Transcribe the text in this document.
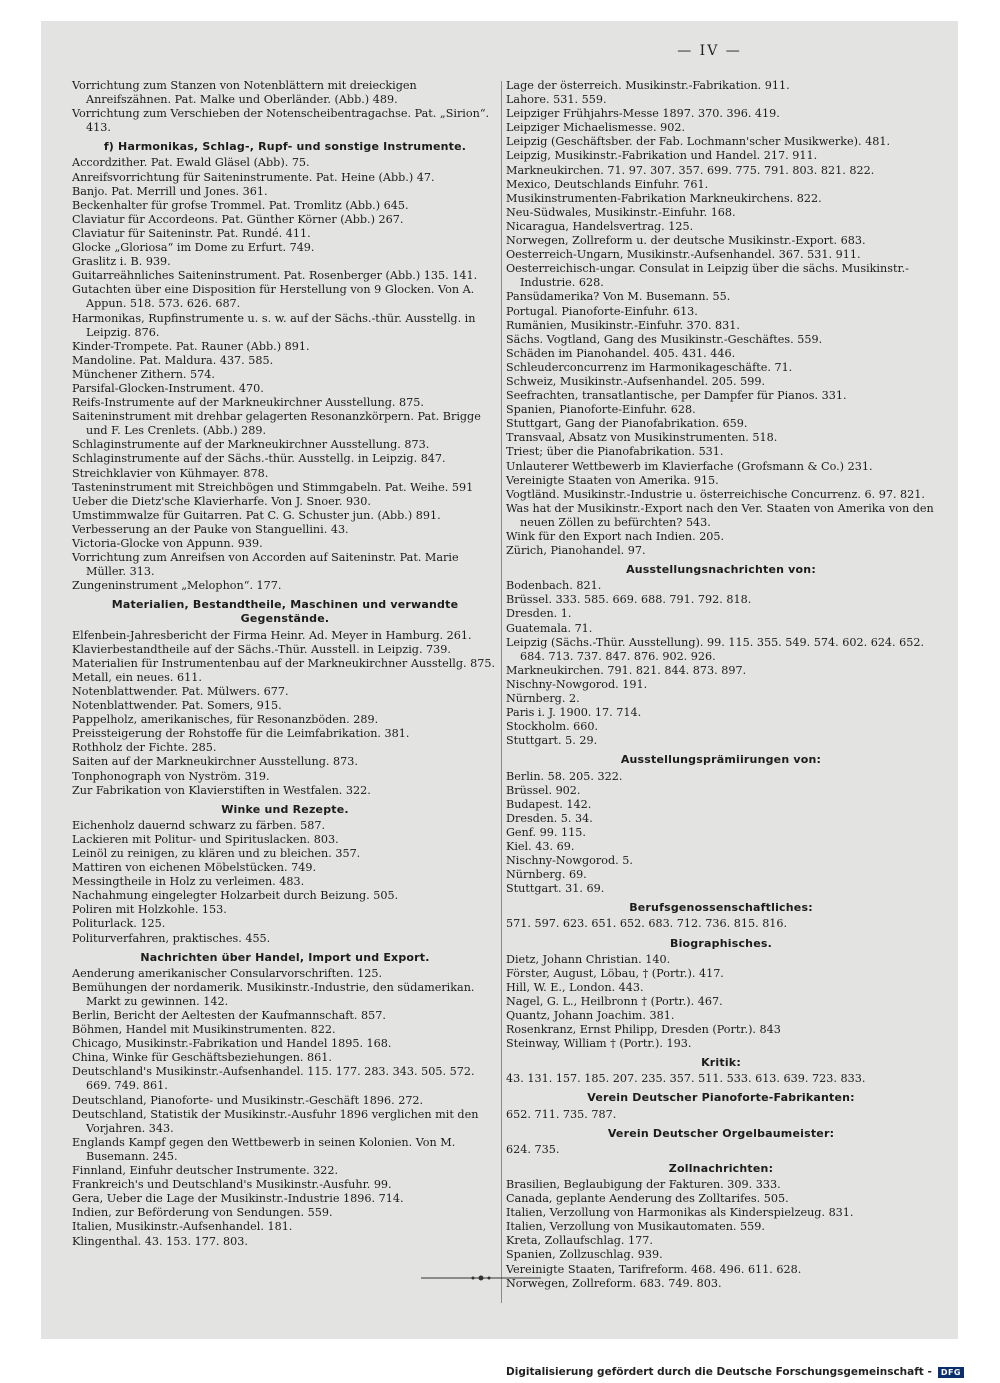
— IV —
Vorrichtung zum Stanzen von Notenblättern mit dreieckigen Anreifszähnen. Pat. Malke und Oberländer. (Abb.) 489.
Vorrichtung zum Verschieben der Notenscheibentragachse. Pat. „Sirion“. 413.
f) Harmonikas, Schlag-, Rupf- und sonstige Instrumente.
Accordzither. Pat. Ewald Gläsel (Abb). 75.
Anreifsvorrichtung für Saiteninstrumente. Pat. Heine (Abb.) 47.
Banjo. Pat. Merrill und Jones. 361.
Beckenhalter für grofse Trommel. Pat. Tromlitz (Abb.) 645.
Claviatur für Accordeons. Pat. Günther Körner (Abb.) 267.
Claviatur für Saiteninstr. Pat. Rundé. 411.
Glocke „Gloriosa“ im Dome zu Erfurt. 749.
Graslitz i. B. 939.
Guitarreähnliches Saiteninstrument. Pat. Rosenberger (Abb.) 135. 141.
Gutachten über eine Disposition für Herstellung von 9 Glocken. Von A. Appun. 518. 573. 626. 687.
Harmonikas, Rupfinstrumente u. s. w. auf der Sächs.-thür. Ausstellg. in Leipzig. 876.
Kinder-Trompete. Pat. Rauner (Abb.) 891.
Mandoline. Pat. Maldura. 437. 585.
Münchener Zithern. 574.
Parsifal-Glocken-Instrument. 470.
Reifs-Instrumente auf der Markneukirchner Ausstellung. 875.
Saiteninstrument mit drehbar gelagerten Resonanzkörpern. Pat. Brigge und F. Les Crenlets. (Abb.) 289.
Schlaginstrumente auf der Markneukirchner Ausstellung. 873.
Schlaginstrumente auf der Sächs.-thür. Ausstellg. in Leipzig. 847.
Streichklavier von Kühmayer. 878.
Tasteninstrument mit Streichbögen und Stimmgabeln. Pat. Weihe. 591
Ueber die Dietz'sche Klavierharfe. Von J. Snoer. 930.
Umstimmwalze für Guitarren. Pat C. G. Schuster jun. (Abb.) 891.
Verbesserung an der Pauke von Stanguellini. 43.
Victoria-Glocke von Appunn. 939.
Vorrichtung zum Anreifsen von Accorden auf Saiteninstr. Pat. Marie Müller. 313.
Zungeninstrument „Melophon“. 177.
Materialien, Bestandtheile, Maschinen und verwandte Gegenstände.
Elfenbein-Jahresbericht der Firma Heinr. Ad. Meyer in Hamburg. 261.
Klavierbestandtheile auf der Sächs.-Thür. Ausstell. in Leipzig. 739.
Materialien für Instrumentenbau auf der Markneukirchner Ausstellg. 875.
Metall, ein neues. 611.
Notenblattwender. Pat. Mülwers. 677.
Notenblattwender. Pat. Somers, 915.
Pappelholz, amerikanisches, für Resonanzböden. 289.
Preissteigerung der Rohstoffe für die Leimfabrikation. 381.
Rothholz der Fichte. 285.
Saiten auf der Markneukirchner Ausstellung. 873.
Tonphonograph von Nyström. 319.
Zur Fabrikation von Klavierstiften in Westfalen. 322.
Winke und Rezepte.
Eichenholz dauernd schwarz zu färben. 587.
Lackieren mit Politur- und Spirituslacken. 803.
Leinöl zu reinigen, zu klären und zu bleichen. 357.
Mattiren von eichenen Möbelstücken. 749.
Messingtheile in Holz zu verleimen. 483.
Nachahmung eingelegter Holzarbeit durch Beizung. 505.
Poliren mit Holzkohle. 153.
Politurlack. 125.
Politurverfahren, praktisches. 455.
Nachrichten über Handel, Import und Export.
Aenderung amerikanischer Consularvorschriften. 125.
Bemühungen der nordamerik. Musikinstr.-Industrie, den südamerikan. Markt zu gewinnen. 142.
Berlin, Bericht der Aeltesten der Kaufmannschaft. 857.
Böhmen, Handel mit Musikinstrumenten. 822.
Chicago, Musikinstr.-Fabrikation und Handel 1895. 168.
China, Winke für Geschäftsbeziehungen. 861.
Deutschland's Musikinstr.-Aufsenhandel. 115. 177. 283. 343. 505. 572. 669. 749. 861.
Deutschland, Pianoforte- und Musikinstr.-Geschäft 1896. 272.
Deutschland, Statistik der Musikinstr.-Ausfuhr 1896 verglichen mit den Vorjahren. 343.
Englands Kampf gegen den Wettbewerb in seinen Kolonien. Von M. Busemann. 245.
Finnland, Einfuhr deutscher Instrumente. 322.
Frankreich's und Deutschland's Musikinstr.-Ausfuhr. 99.
Gera, Ueber die Lage der Musikinstr.-Industrie 1896. 714.
Indien, zur Beförderung von Sendungen. 559.
Italien, Musikinstr.-Aufsenhandel. 181.
Klingenthal. 43. 153. 177. 803.
Lage der österreich. Musikinstr.-Fabrikation. 911.
Lahore. 531. 559.
Leipziger Frühjahrs-Messe 1897. 370. 396. 419.
Leipziger Michaelismesse. 902.
Leipzig (Geschäftsber. der Fab. Lochmann'scher Musikwerke). 481.
Leipzig, Musikinstr.-Fabrikation und Handel. 217. 911.
Markneukirchen. 71. 97. 307. 357. 699. 775. 791. 803. 821. 822.
Mexico, Deutschlands Einfuhr. 761.
Musikinstrumenten-Fabrikation Markneukirchens. 822.
Neu-Südwales, Musikinstr.-Einfuhr. 168.
Nicaragua, Handelsvertrag. 125.
Norwegen, Zollreform u. der deutsche Musikinstr.-Export. 683.
Oesterreich-Ungarn, Musikinstr.-Aufsenhandel. 367. 531. 911.
Oesterreichisch-ungar. Consulat in Leipzig über die sächs. Musikinstr.-Industrie. 628.
Pansüdamerika? Von M. Busemann. 55.
Portugal. Pianoforte-Einfuhr. 613.
Rumänien, Musikinstr.-Einfuhr. 370. 831.
Sächs. Vogtland, Gang des Musikinstr.-Geschäftes. 559.
Schäden im Pianohandel. 405. 431. 446.
Schleuderconcurrenz im Harmonikageschäfte. 71.
Schweiz, Musikinstr.-Aufsenhandel. 205. 599.
Seefrachten, transatlantische, per Dampfer für Pianos. 331.
Spanien, Pianoforte-Einfuhr. 628.
Stuttgart, Gang der Pianofabrikation. 659.
Transvaal, Absatz von Musikinstrumenten. 518.
Triest; über die Pianofabrikation. 531.
Unlauterer Wettbewerb im Klavierfache (Grofsmann & Co.) 231.
Vereinigte Staaten von Amerika. 915.
Vogtländ. Musikinstr.-Industrie u. österreichische Concurrenz. 6. 97. 821.
Was hat der Musikinstr.-Export nach den Ver. Staaten von Amerika von den neuen Zöllen zu befürchten? 543.
Wink für den Export nach Indien. 205.
Zürich, Pianohandel. 97.
Ausstellungsnachrichten von:
Bodenbach. 821.
Brüssel. 333. 585. 669. 688. 791. 792. 818.
Dresden. 1.
Guatemala. 71.
Leipzig (Sächs.-Thür. Ausstellung). 99. 115. 355. 549. 574. 602. 624. 652. 684. 713. 737. 847. 876. 902. 926.
Markneukirchen. 791. 821. 844. 873. 897.
Nischny-Nowgorod. 191.
Nürnberg. 2.
Paris i. J. 1900. 17. 714.
Stockholm. 660.
Stuttgart. 5. 29.
Ausstellungsprämiirungen von:
Berlin. 58. 205. 322.
Brüssel. 902.
Budapest. 142.
Dresden. 5. 34.
Genf. 99. 115.
Kiel. 43. 69.
Nischny-Nowgorod. 5.
Nürnberg. 69.
Stuttgart. 31. 69.
Berufsgenossenschaftliches:
571. 597. 623. 651. 652. 683. 712. 736. 815. 816.
Biographisches.
Dietz, Johann Christian. 140.
Förster, August, Löbau, † (Portr.). 417.
Hill, W. E., London. 443.
Nagel, G. L., Heilbronn † (Portr.). 467.
Quantz, Johann Joachim. 381.
Rosenkranz, Ernst Philipp, Dresden (Portr.). 843
Steinway, William † (Portr.). 193.
Kritik:
43. 131. 157. 185. 207. 235. 357. 511. 533. 613. 639. 723. 833.
Verein Deutscher Pianoforte-Fabrikanten:
652. 711. 735. 787.
Verein Deutscher Orgelbaumeister:
624. 735.
Zollnachrichten:
Brasilien, Beglaubigung der Fakturen. 309. 333.
Canada, geplante Aenderung des Zolltarifes. 505.
Italien, Verzollung von Harmonikas als Kinderspielzeug. 831.
Italien, Verzollung von Musikautomaten. 559.
Kreta, Zollaufschlag. 177.
Spanien, Zollzuschlag. 939.
Vereinigte Staaten, Tarifreform. 468. 496. 611. 628.
Norwegen, Zollreform. 683. 749. 803.
Digitalisierung gefördert durch die Deutsche Forschungsgemeinschaft -	DFG
